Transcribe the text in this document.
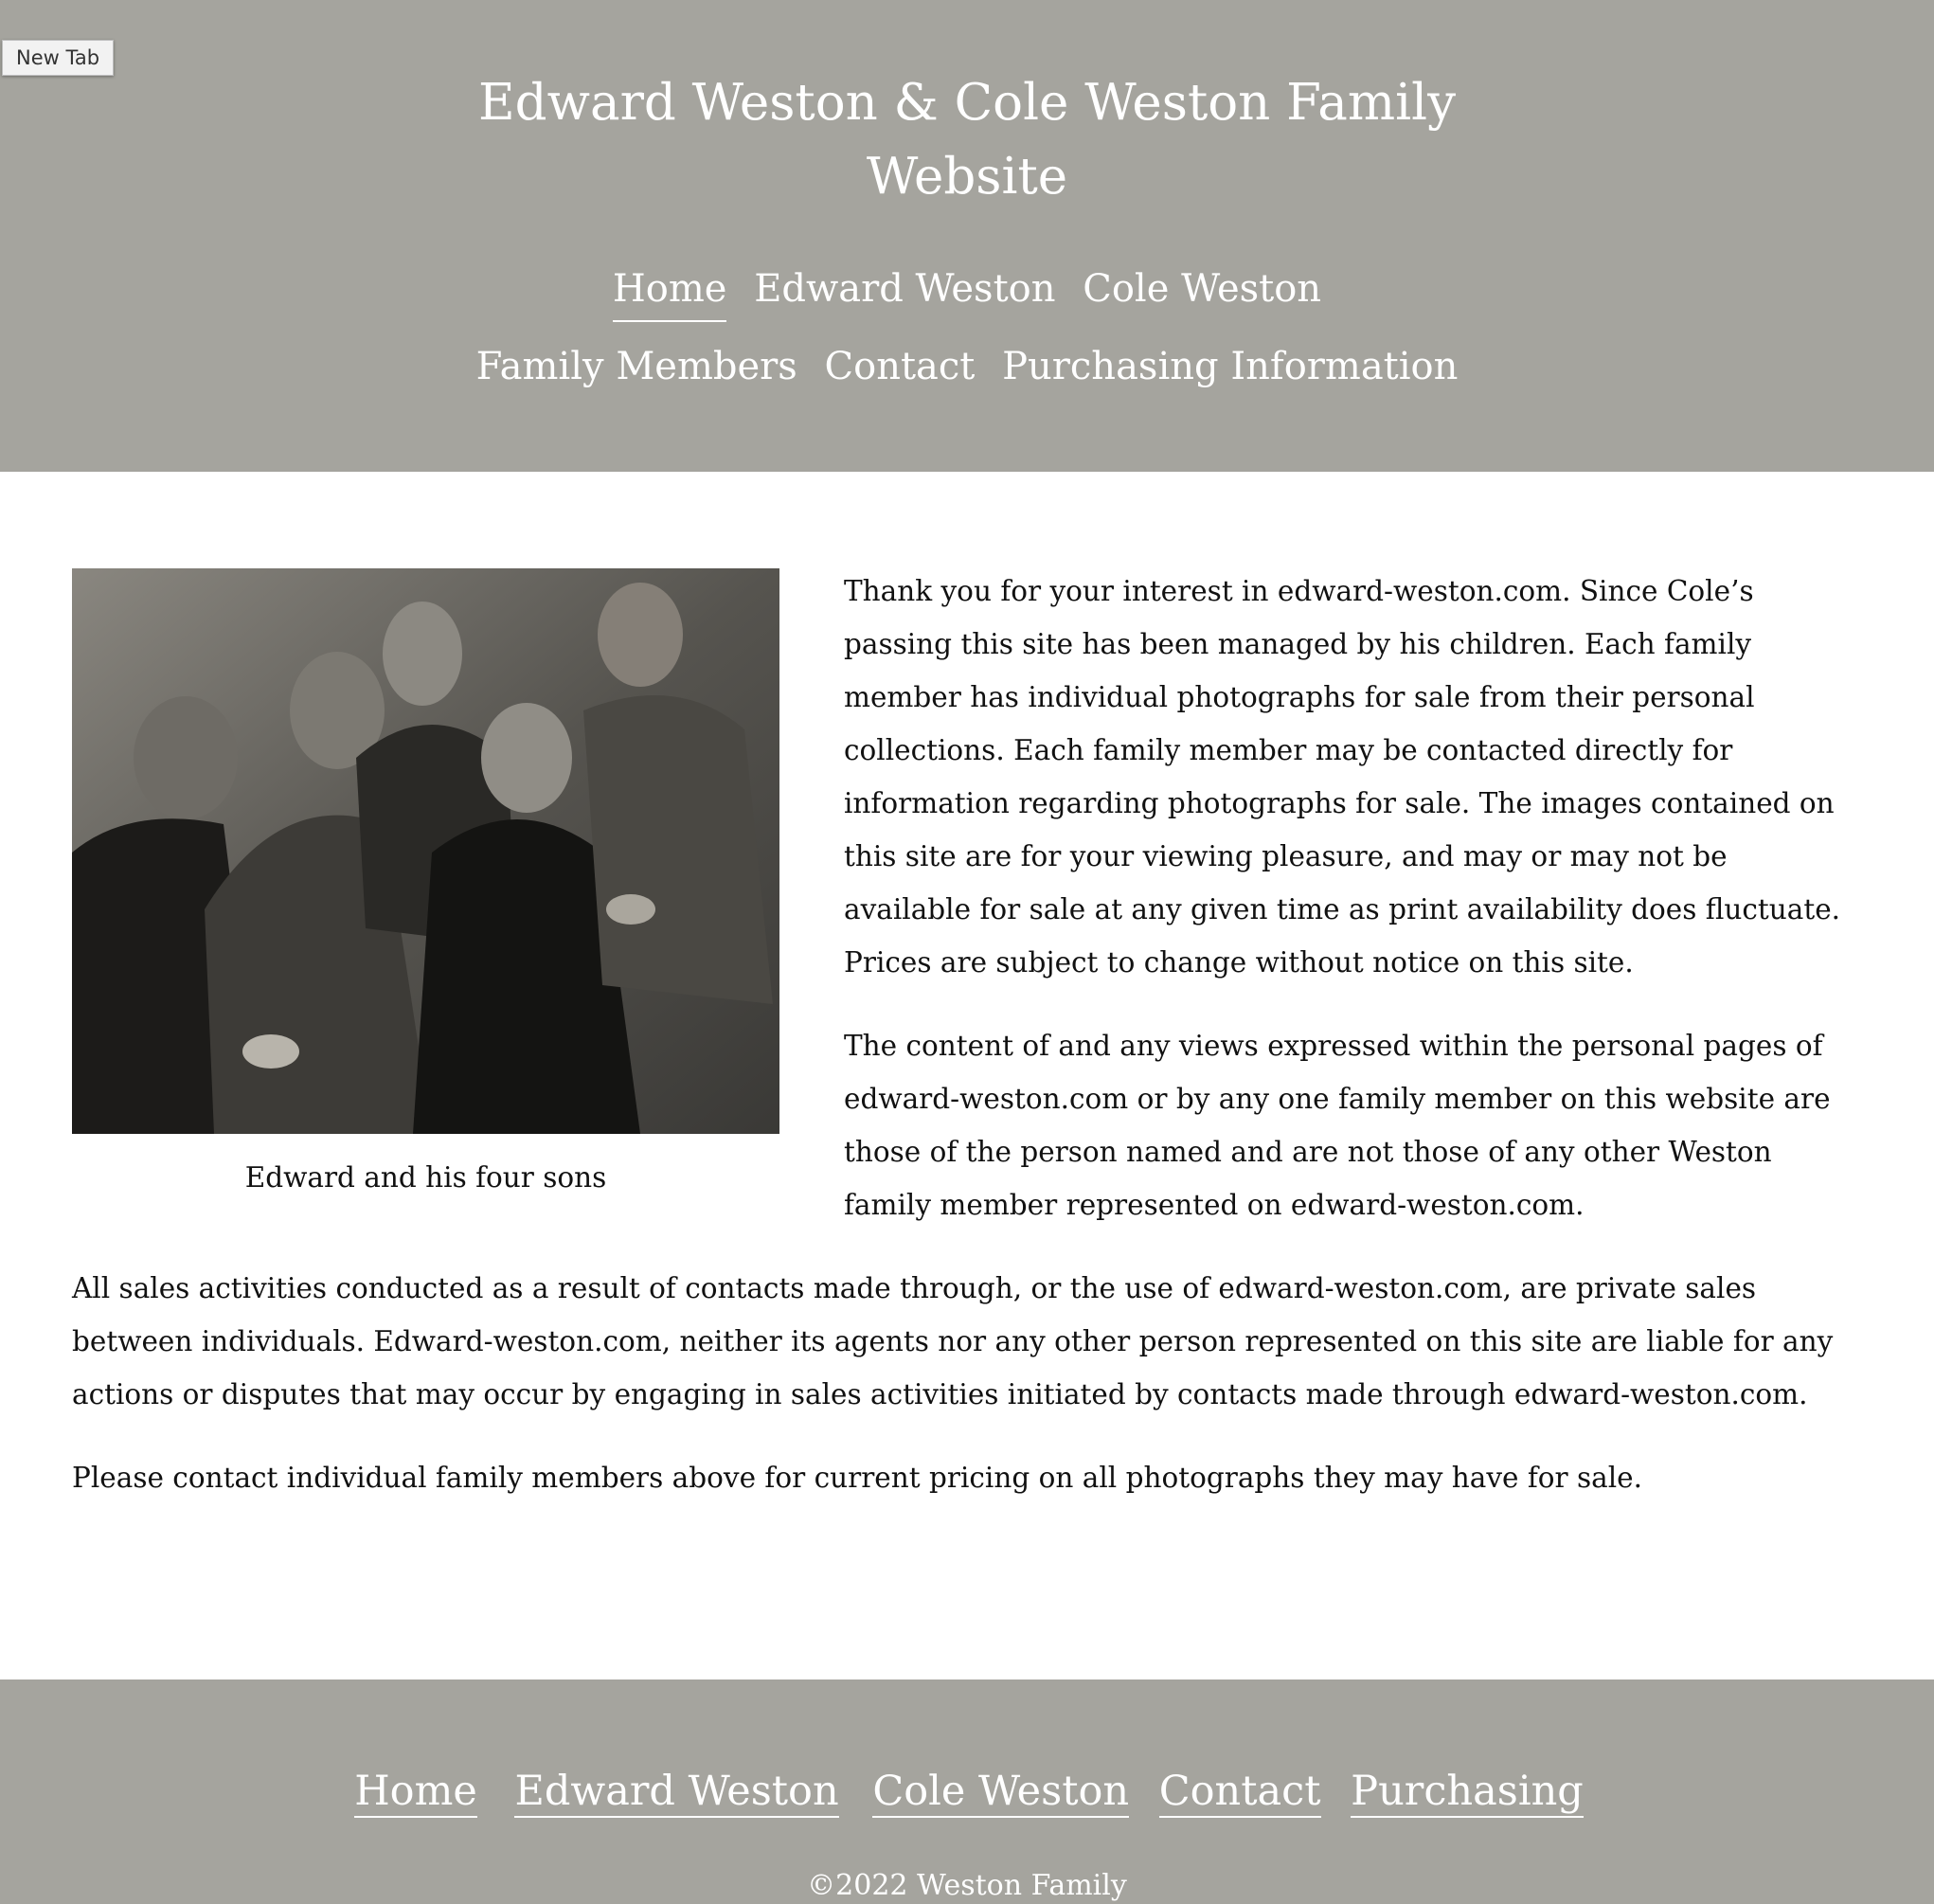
New Tab
Edward Weston & Cole Weston Family
Website
Home Edward Weston Cole Weston
Family Members Contact Purchasing Information
Edward and his four sons

Thank you for your interest in edward-weston.com. Since Cole’s passing this site has been managed by his children. Each family member has individual photographs for sale from their personal collections. Each family member may be contacted directly for information regarding photographs for sale. The images contained on this site are for your viewing pleasure, and may or may not be available for sale at any given time as print availability does fluctuate. Prices are subject to change without notice on this site.

The content of and any views expressed within the personal pages of edward-weston.com or by any one family member on this website are those of the person named and are not those of any other Weston family member represented on edward-weston.com.

All sales activities conducted as a result of contacts made through, or the use of edward-weston.com, are private sales between individuals. Edward-weston.com, neither its agents nor any other person represented on this site are liable for any actions or disputes that may occur by engaging in sales activities initiated by contacts made through edward-weston.com.

Please contact individual family members above for current pricing on all photographs they may have for sale.

Home Edward Weston Cole Weston Contact Purchasing
©2022 Weston Family
